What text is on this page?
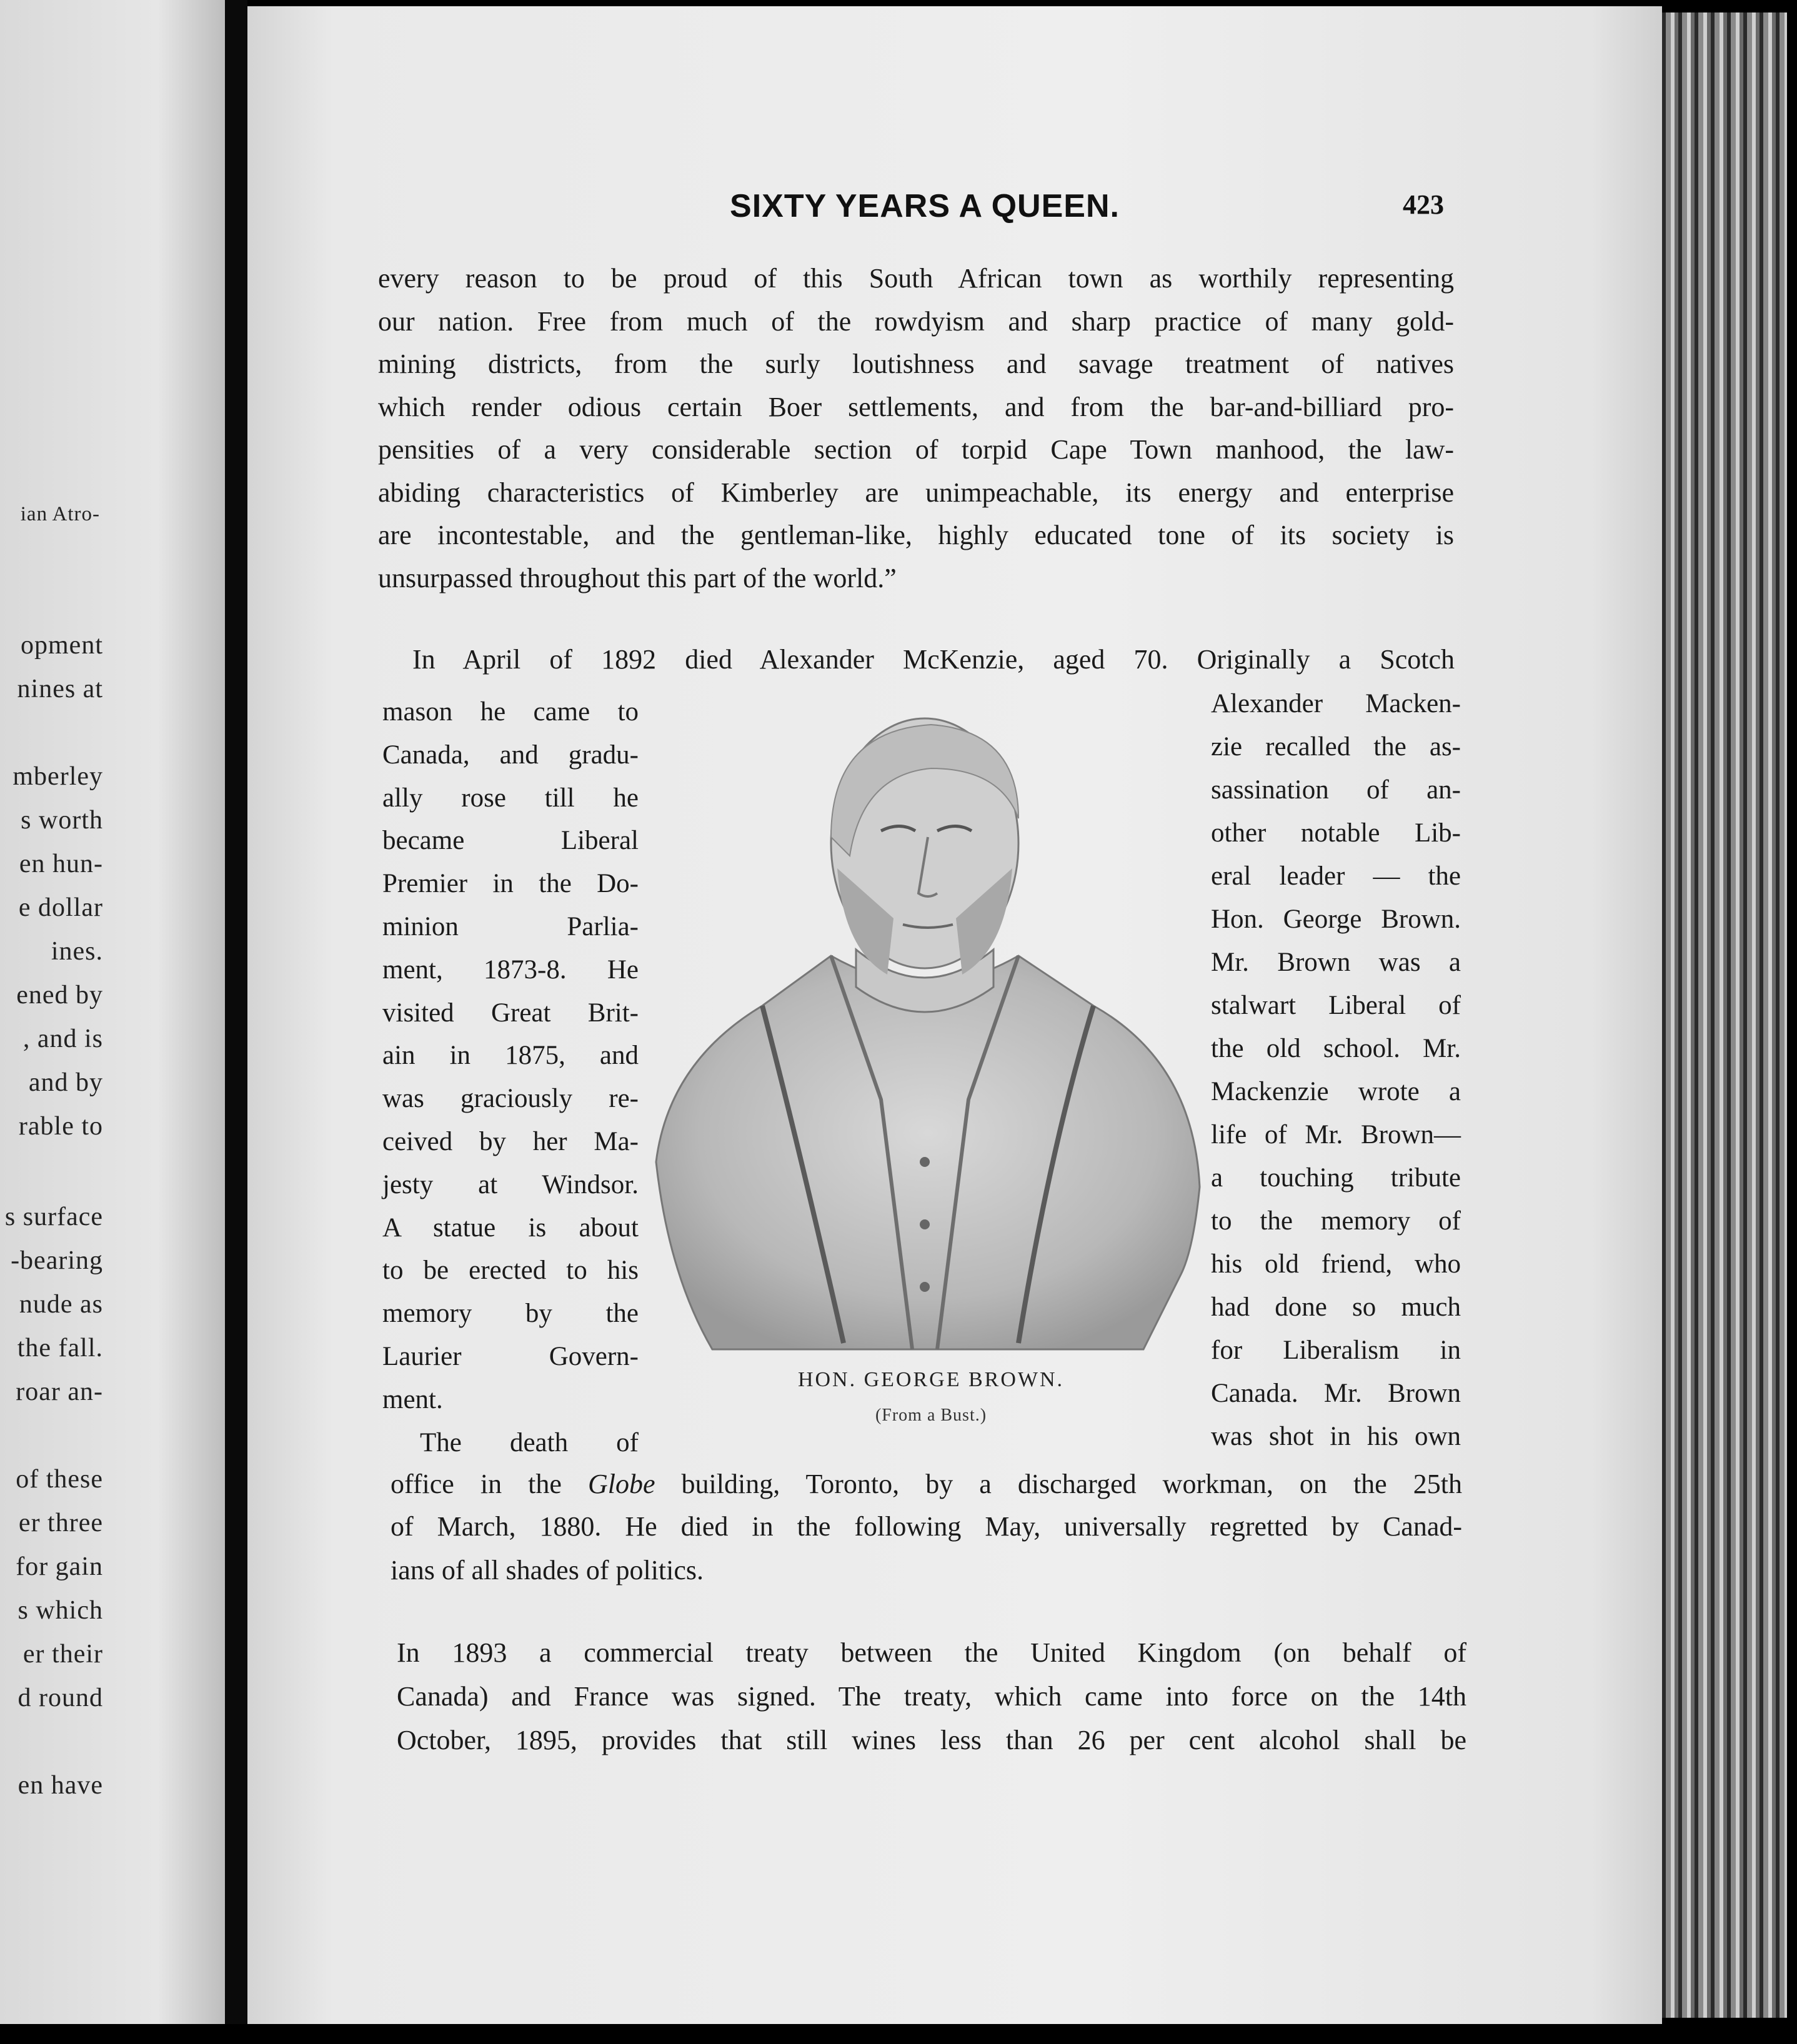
ian Atro-
opment
nines at
mberley
s worth
en hun-
e dollar
ines.
ened by
, and is
and by
rable to
s surface
-bearing
nude as
the fall.
roar an-
of these
er three
for gain
s which
er their
d round
en have
SIXTY YEARS A QUEEN.	423
In April of 1892 died Alexander McKenzie, aged 70. Originally a Scotch
HON. GEORGE BROWN.
(From a Bust.)
office in the Globe building, Toronto, by a discharged workman, on the 25th
every reason to be proud of this South African town as worthily representing
our nation. Free from much of the rowdyism and sharp practice of many gold-
mining districts, from the surly loutishness and savage treatment of natives
which render odious certain Boer settlements, and from the bar-and-billiard pro-
pensities of a very considerable section of torpid Cape Town manhood, the law-
abiding characteristics of Kimberley are unimpeachable, its energy and enterprise
are incontestable, and the gentleman-like, highly educated tone of its society is
unsurpassed throughout this part of the world.”
mason he came to
Canada, and gradu-
ally rose till he
became Liberal
Premier in the Do-
minion Parlia-
ment, 1873-8. He
visited Great Brit-
ain in 1875, and
was graciously re-
ceived by her Ma-
jesty at Windsor.
A statue is about
to be erected to his
memory by the
Laurier Govern-
ment.
The death of
Alexander Macken-
zie recalled the as-
sassination of an-
other notable Lib-
eral leader — the
Hon. George Brown.
Mr. Brown was a
stalwart Liberal of
the old school. Mr.
Mackenzie wrote a
life of Mr. Brown—
a touching tribute
to the memory of
his old friend, who
had done so much
for Liberalism in
Canada. Mr. Brown
was shot in his own
of March, 1880. He died in the following May, universally regretted by Canad-
ians of all shades of politics.
In 1893 a commercial treaty between the United Kingdom (on behalf of
Canada) and France was signed. The treaty, which came into force on the 14th
October, 1895, provides that still wines less than 26 per cent alcohol shall be
